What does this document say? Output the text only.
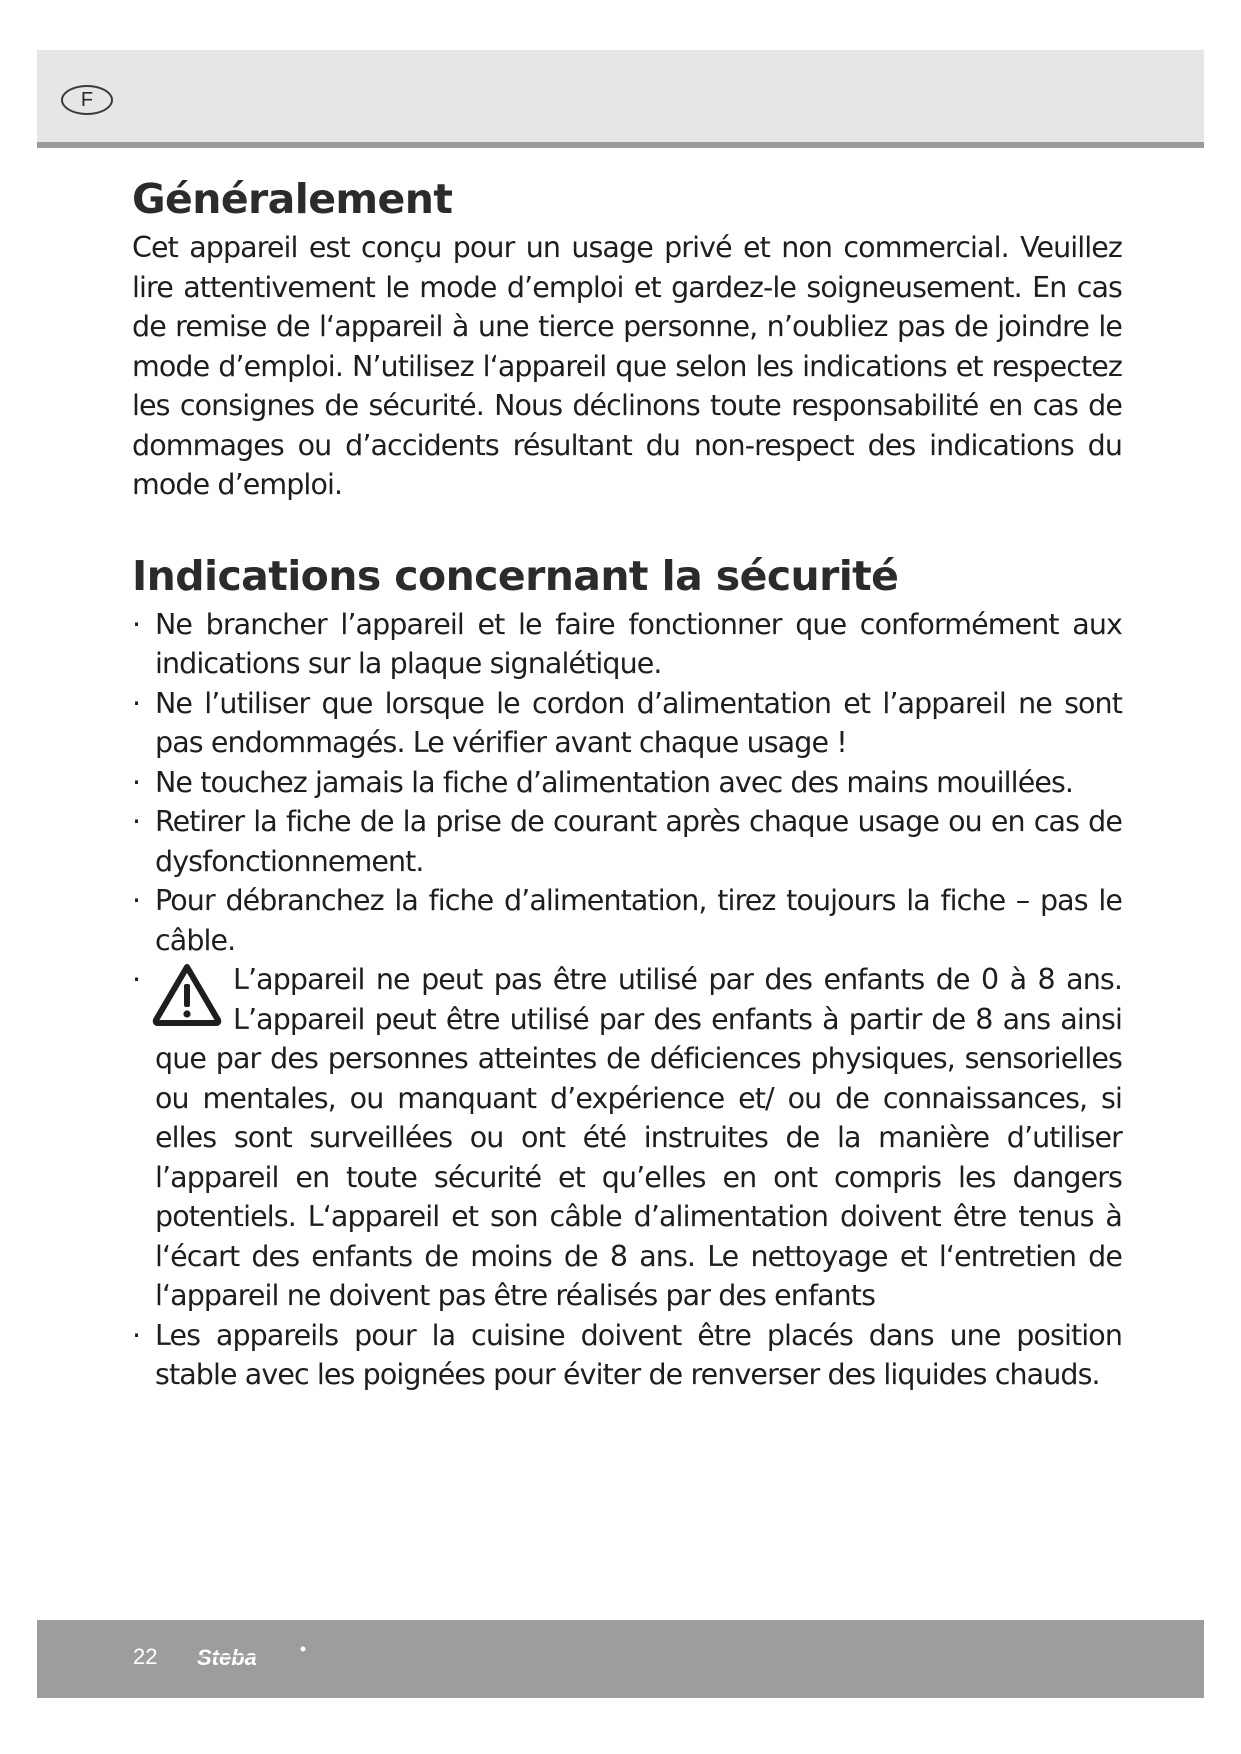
F
Généralement

Cet appareil est conçu pour un usage privé et non commercial. Veuillez lire attentivement le mode d’emploi et gardez-le soigneusement. En cas de remise de l‘appareil à une tierce personne, n’oubliez pas de joindre le mode d’emploi. N’utilisez l‘appareil que selon les indications et respectez les consignes de sécurité. Nous déclinons toute responsabilité en cas de dommages ou d’accidents résultant du non-respect des indications du mode d’emploi.

Indications concernant la sécurité
· Ne brancher l’appareil et le faire fonctionner que conformément aux indications sur la plaque signalétique.
· Ne l’utiliser que lorsque le cordon d’alimentation et l’appareil ne sont pas endommagés. Le vérifier avant chaque usage !
· Ne touchez jamais la fiche d’alimentation avec des mains mouillées.
· Retirer la fiche de la prise de courant après chaque usage ou en cas de dysfonctionnement.
· Pour débranchez la fiche d’alimentation, tirez toujours la fiche – pas le câble.
·	L’appareil ne peut pas être utilisé par des enfants de 0 à 8 ans. L’appareil peut être utilisé par des enfants à partir de 8 ans ainsi que par des personnes atteintes de déficiences physiques, sensorielles ou mentales, ou manquant d’expérience et/ ou de connaissances, si elles sont surveillées ou ont été instruites de la manière d’utiliser l’appareil en toute sécurité et qu’elles en ont compris les dangers potentiels. L‘appareil et son câble d’alimentation doivent être tenus à l‘écart des enfants de moins de 8 ans. Le nettoyage et l‘entretien de l‘appareil ne doivent pas être réalisés par des enfants
· Les appareils pour la cuisine doivent être placés dans une position stable avec les poignées pour éviter de renverser des liquides chauds.
22 Steba
